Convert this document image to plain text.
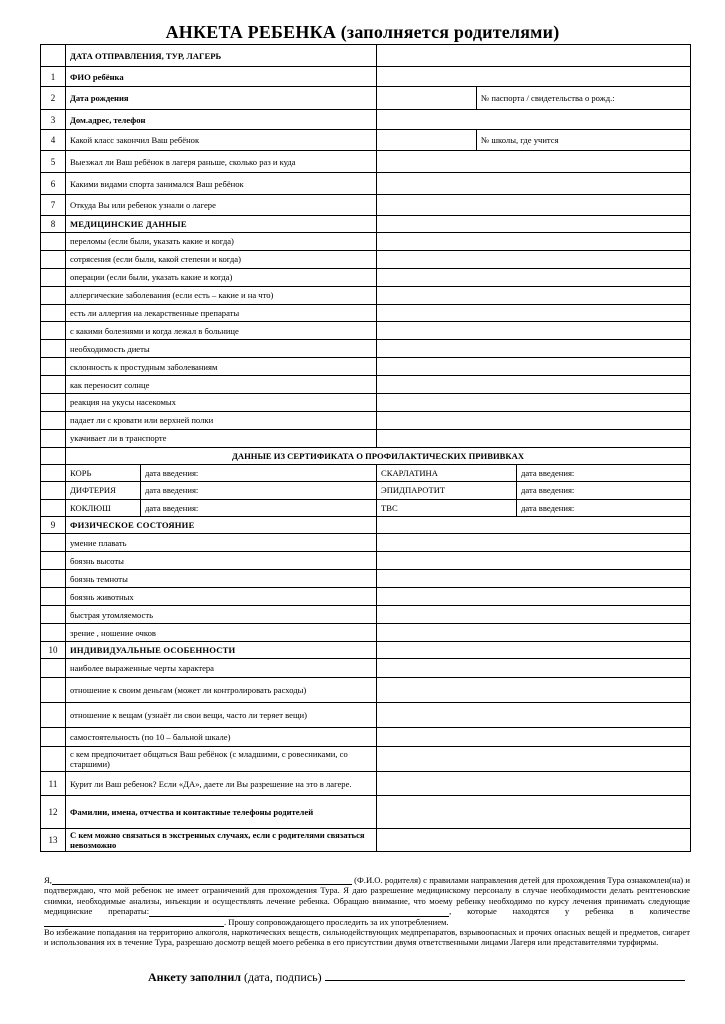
АНКЕТА РЕБЕНКА (заполняется родителями)
	ДАТА ОТПРАВЛЕНИЯ, ТУР, ЛАГЕРЬ				
1	ФИО ребёнка				
2	Дата рождения			№ паспорта / свидетельства о рожд.:	
3	Дом.адрес, телефон				
4	Какой класс закончил Ваш ребёнок			№ школы, где учится	
5	Выезжал ли Ваш ребёнок в лагеря раньше, сколько раз и куда				
6	Какими видами спорта занимался Ваш ребёнок				
7	Откуда Вы или ребенок узнали о лагере				
8	МЕДИЦИНСКИЕ ДАННЫЕ				
	переломы (если были, указать какие и когда)				
	сотрясения (если были, какой степени и когда)				
	операции (если были, указать какие и когда)				
	аллергические заболевания (если есть – какие и на что)				
	есть ли аллергия на лекарственные препараты				
	с какими болезнями и когда лежал в больнице				
	необходимость диеты				
	склонность к простудным заболеваниям				
	как переносит солнце				
	реакция на укусы насекомых				
	падает ли с кровати или верхней полки				
	укачивает ли в транспорте				
	ДАННЫЕ ИЗ СЕРТИФИКАТА О ПРОФИЛАКТИЧЕСКИХ ПРИВИВКАХ				
	КОРЬ	дата введения:	СКАРЛАТИНА		дата введения:
	ДИФТЕРИЯ	дата введения:	ЭПИДПАРОТИТ		дата введения:
	КОКЛЮШ	дата введения:	ТВС		дата введения:
9	ФИЗИЧЕСКОЕ СОСТОЯНИЕ				
	умение плавать				
	боязнь высоты				
	боязнь темноты				
	боязнь животных				
	быстрая утомляемость				
	зрение , ношение очков				
10	ИНДИВИДУАЛЬНЫЕ ОСОБЕННОСТИ				
	наиболее выраженные черты характера				
	отношение к своим деньгам (может ли контролировать расходы)				
	отношение к вещам (узнаёт ли свои вещи, часто ли теряет вещи)				
	самостоятельность (по 10 – бальной шкале)				
	с кем предпочитает общаться Ваш ребёнок (с младшими, с ровесниками, со старшими)				
11	Курит ли Ваш ребенок? Если «ДА», даете ли Вы разрешение на это в лагере.				
12	Фамилии, имена, отчества и контактные телефоны родителей				
13	С кем можно связаться в экстренных случаях, если с родителями связаться невозможно				

Я,	(Ф.И.О. родителя) с правилами направления детей для прохождения Тура ознакомлен(на) и подтверждаю, что мой ребенок не имеет ограничений для прохождения Тура. Я даю разрешение медицинскому персоналу в случае необходимости делать рентгеновские снимки, необходимые анализы, инъекции и осуществлять лечение ребенка. Обращаю внимание, что моему ребенку необходимо по курсу лечения принимать следующие медицинские препараты:	, которые находятся у ребенка в количестве. Прошу сопровождающего проследить за их употреблением.

Во избежание попадания на территорию алкоголя, наркотических веществ, сильнодействующих медпрепаратов, взрывоопасных и прочих опасных вещей и предметов, сигарет и использования их в течение Тура, разрешаю досмотр вещей моего ребенка в его присутствии двумя ответственными лицами Лагеря или представителями турфирмы.

Анкету заполнил (дата, подпись)
